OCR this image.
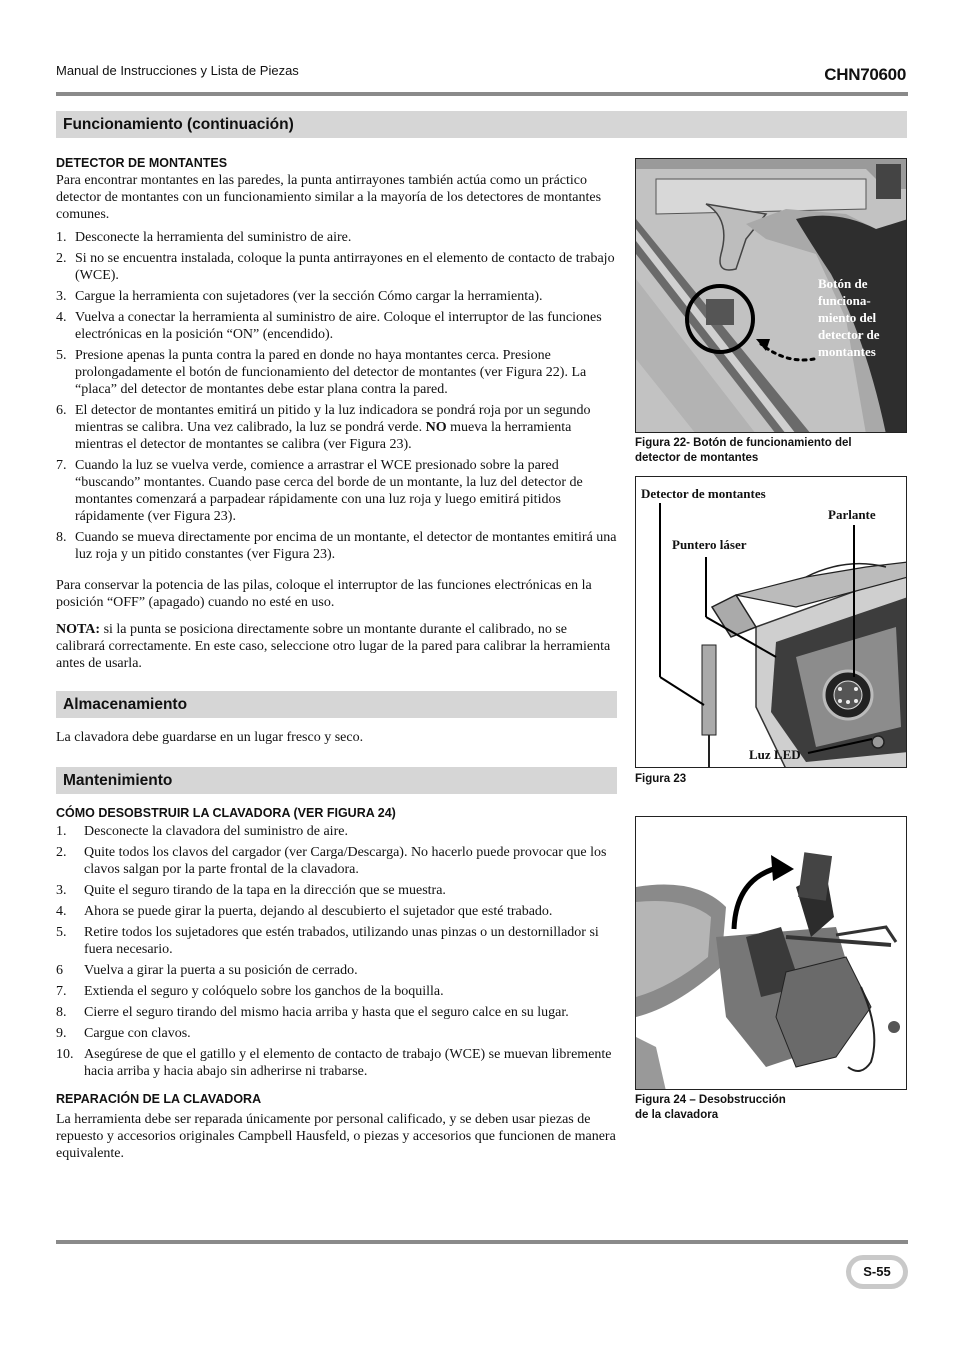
Manual de Instrucciones y Lista de Piezas	CHN70600
Funcionamiento (continuación)
DETECTOR DE MONTANTES
Para encontrar montantes en las paredes, la punta antirrayones también actúa como un práctico detector de montantes con un funcionamiento similar a la mayoría de los detectores de montantes comunes.
1. Desconecte la herramienta del suministro de aire.
2. Si no se encuentra instalada, coloque la punta antirrayones en el elemento de contacto de trabajo (WCE).
3. Cargue la herramienta con sujetadores (ver la sección Cómo cargar la herramienta).
4. Vuelva a conectar la herramienta al suministro de aire. Coloque el interruptor de las funciones electrónicas en la posición “ON” (encendido).
5. Presione apenas la punta contra la pared en donde no haya montantes cerca. Presione prolongadamente el botón de funcionamiento del detector de montantes (ver Figura 22). La “placa” del detector de montantes debe estar plana contra la pared.
6. El detector de montantes emitirá un pitido y la luz indicadora se pondrá roja por un segundo mientras se calibra. Una vez calibrado, la luz se pondrá verde. NO mueva la herramienta mientras el detector de montantes se calibra (ver Figura 23).
7. Cuando la luz se vuelva verde, comience a arrastrar el WCE presionado sobre la pared “buscando” montantes. Cuando pase cerca del borde de un montante, la luz del detector de montantes comenzará a parpadear rápidamente con una luz roja y luego emitirá pitidos rápidamente (ver Figura 23).
8. Cuando se mueva directamente por encima de un montante, el detector de montantes emitirá una luz roja y un pitido constantes (ver Figura 23).
Para conservar la potencia de las pilas, coloque el interruptor de las funciones electrónicas en la posición “OFF” (apagado) cuando no esté en uso.
NOTA: si la punta se posiciona directamente sobre un montante durante el calibrado, no se calibrará correctamente. En este caso, seleccione otro lugar de la pared para calibrar la herramienta antes de usarla.
Almacenamiento
La clavadora debe guardarse en un lugar fresco y seco.
Mantenimiento
CÓMO DESOBSTRUIR LA CLAVADORA (VER FIGURA 24)
1. Desconecte la clavadora del suministro de aire.
2. Quite todos los clavos del cargador (ver Carga/Descarga). No hacerlo puede provocar que los clavos salgan por la parte frontal de la clavadora.
3. Quite el seguro tirando de la tapa en la dirección que se muestra.
4. Ahora se puede girar la puerta, dejando al descubierto el sujetador que esté trabado.
5. Retire todos los sujetadores que estén trabados, utilizando unas pinzas o un destornillador si fuera necesario.
6 Vuelva a girar la puerta a su posición de cerrado.
7. Extienda el seguro y colóquelo sobre los ganchos de la boquilla.
8. Cierre el seguro tirando del mismo hacia arriba y hasta que el seguro calce en su lugar.
9. Cargue con clavos.
10. Asegúrese de que el gatillo y el elemento de contacto de trabajo (WCE) se muevan libremente hacia arriba y hacia abajo sin adherirse ni trabarse.
REPARACIÓN DE LA CLAVADORA
La herramienta debe ser reparada únicamente por personal calificado, y se deben usar piezas de repuesto y accesorios originales Campbell Hausfeld, o piezas y accesorios que funcionen de manera equivalente.
Botón de
funciona-
miento del
detector de
montantes
Figura 22- Botón de funcionamiento del
detector de montantes
Detector de montantes
Parlante
Puntero láser
Luz LED
Figura 23
Figura 24 – Desobstrucción
de la clavadora
S-55
